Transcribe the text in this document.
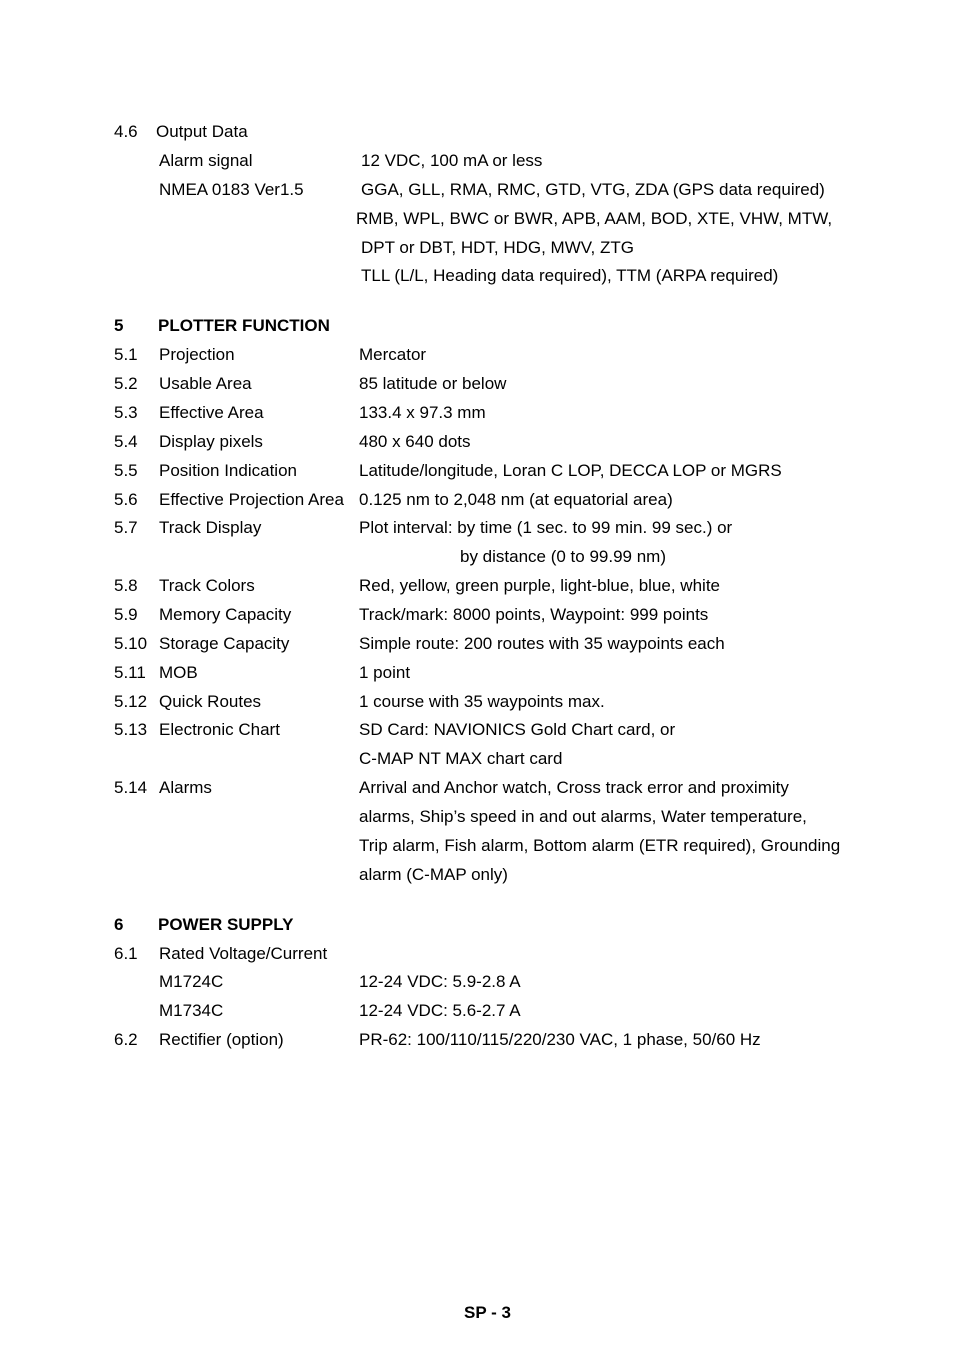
4.6 Output Data
Alarm signal	12 VDC, 100 mA or less
NMEA 0183 Ver1.5	GGA, GLL, RMA, RMC, GTD, VTG, ZDA (GPS data required)
RMB, WPL, BWC or BWR, APB, AAM, BOD, XTE, VHW, MTW,
DPT or DBT, HDT, HDG, MWV, ZTG
TLL (L/L, Heading data required), TTM (ARPA required)
5 PLOTTER FUNCTION
5.1 Projection	Mercator
5.2 Usable Area	85 latitude or below
5.3 Effective Area	133.4 x 97.3 mm
5.4 Display pixels	480 x 640 dots
5.5 Position Indication	Latitude/longitude, Loran C LOP, DECCA LOP or MGRS
5.6 Effective Projection Area 0.125 nm to 2,048 nm (at equatorial area)
5.7 Track Display	Plot interval: by time (1 sec. to 99 min. 99 sec.) or
by distance (0 to 99.99 nm)
5.8 Track Colors	Red, yellow, green purple, light-blue, blue, white
5.9 Memory Capacity	Track/mark: 8000 points, Waypoint: 999 points
5.10 Storage Capacity	Simple route: 200 routes with 35 waypoints each
5.11 MOB	1 point
5.12 Quick Routes	1 course with 35 waypoints max.
5.13 Electronic Chart	SD Card: NAVIONICS Gold Chart card, or
C-MAP NT MAX chart card
5.14 Alarms	Arrival and Anchor watch, Cross track error and proximity
alarms, Ship’s speed in and out alarms, Water temperature,
Trip alarm, Fish alarm, Bottom alarm (ETR required), Grounding
alarm (C-MAP only)
6 POWER SUPPLY
6.1 Rated Voltage/Current
M1724C	12-24 VDC: 5.9-2.8 A
M1734C	12-24 VDC: 5.6-2.7 A
6.2 Rectifier (option)	PR-62: 100/110/115/220/230 VAC, 1 phase, 50/60 Hz
SP - 3
